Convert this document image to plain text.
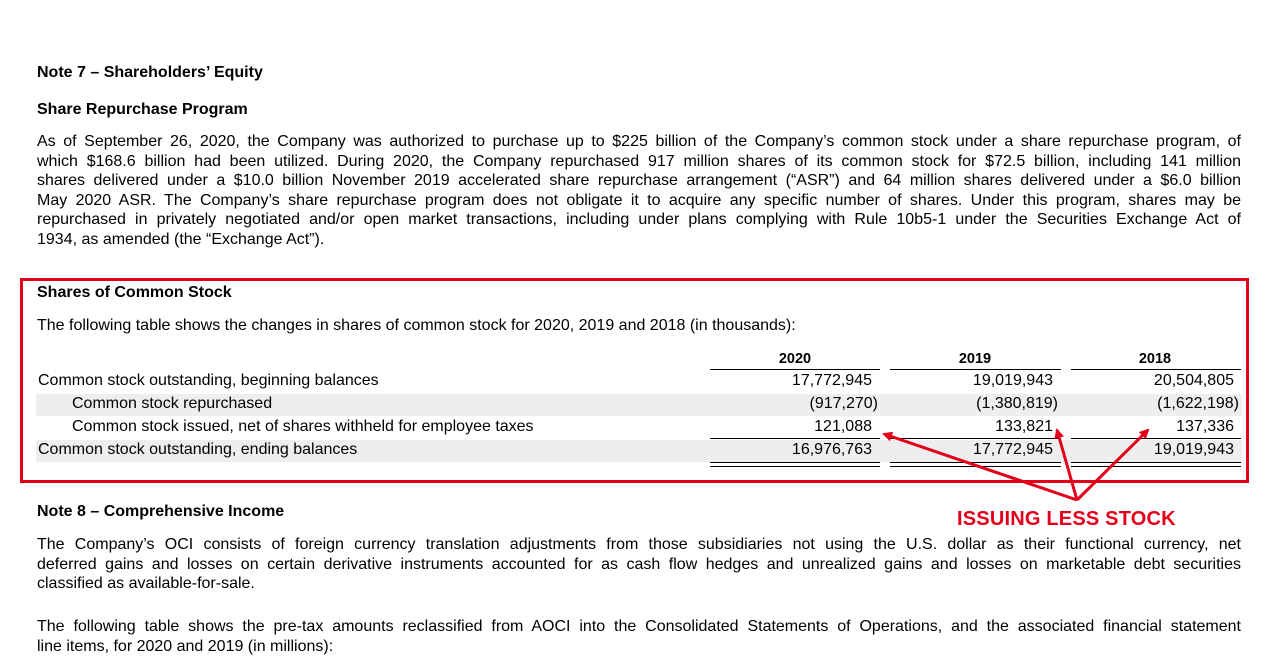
Note 7 – Shareholders’ Equity
Share Repurchase Program
As of September 26, 2020, the Company was authorized to purchase up to $225 billion of the Company’s common stock under a share repurchase program, of
which $168.6 billion had been utilized. During 2020, the Company repurchased 917 million shares of its common stock for $72.5 billion, including 141 million
shares delivered under a $10.0 billion November 2019 accelerated share repurchase arrangement (“ASR”) and 64 million shares delivered under a $6.0 billion
May 2020 ASR. The Company’s share repurchase program does not obligate it to acquire any specific number of shares. Under this program, shares may be
repurchased in privately negotiated and/or open market transactions, including under plans complying with Rule 10b5-1 under the Securities Exchange Act of
1934, as amended (the “Exchange Act”).
Shares of Common Stock
The following table shows the changes in shares of common stock for 2020, 2019 and 2018 (in thousands):
2020	2019	2018
Common stock outstanding, beginning balances	17,772,945	19,019,943	20,504,805
Common stock repurchased	(917,270)	(1,380,819)	(1,622,198)
Common stock issued, net of shares withheld for employee taxes	121,088	133,821	137,336
Common stock outstanding, ending balances	16,976,763	17,772,945	19,019,943
ISSUING LESS STOCK
Note 8 – Comprehensive Income
The Company’s OCI consists of foreign currency translation adjustments from those subsidiaries not using the U.S. dollar as their functional currency, net
deferred gains and losses on certain derivative instruments accounted for as cash flow hedges and unrealized gains and losses on marketable debt securities
classified as available-for-sale.
The following table shows the pre-tax amounts reclassified from AOCI into the Consolidated Statements of Operations, and the associated financial statement
line items, for 2020 and 2019 (in millions):
